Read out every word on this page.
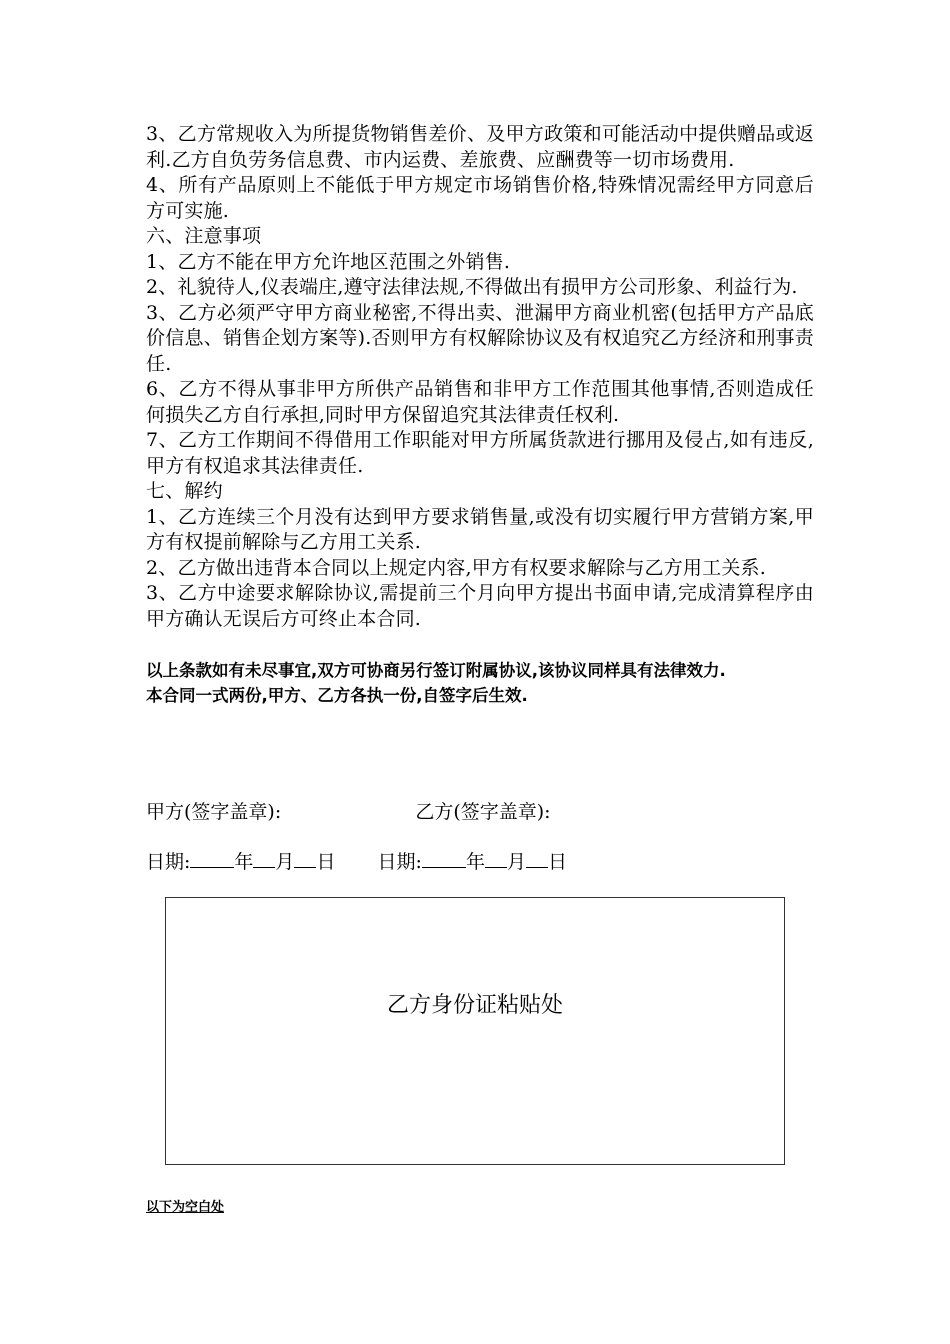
3、乙方常规收入为所提货物销售差价、及甲方政策和可能活动中提供赠品或返利.乙方自负劳务信息费、市内运费、差旅费、应酬费等一切市场费用.

4、所有产品原则上不能低于甲方规定市场销售价格,特殊情况需经甲方同意后方可实施.

六、注意事项

1、乙方不能在甲方允许地区范围之外销售.

2、礼貌待人,仪表端庄,遵守法律法规,不得做出有损甲方公司形象、利益行为.

3、乙方必须严守甲方商业秘密,不得出卖、泄漏甲方商业机密(包括甲方产品底价信息、销售企划方案等).否则甲方有权解除协议及有权追究乙方经济和刑事责任.

6、乙方不得从事非甲方所供产品销售和非甲方工作范围其他事情,否则造成任何损失乙方自行承担,同时甲方保留追究其法律责任权利.

7、乙方工作期间不得借用工作职能对甲方所属货款进行挪用及侵占,如有违反,甲方有权追求其法律责任.

七、解约

1、乙方连续三个月没有达到甲方要求销售量,或没有切实履行甲方营销方案,甲方有权提前解除与乙方用工关系.

2、乙方做出违背本合同以上规定内容,甲方有权要求解除与乙方用工关系.

3、乙方中途要求解除协议,需提前三个月向甲方提出书面申请,完成清算程序由甲方确认无误后方可终止本合同.

以上条款如有未尽事宜,双方可协商另行签订附属协议,该协议同样具有法律效力.

本合同一式两份,甲方、乙方各执一份,自签字后生效.

甲方(签字盖章):	乙方(签字盖章):
日期: 年 月 日 日期: 年 月 日
乙方身份证粘贴处
以下为空白处
